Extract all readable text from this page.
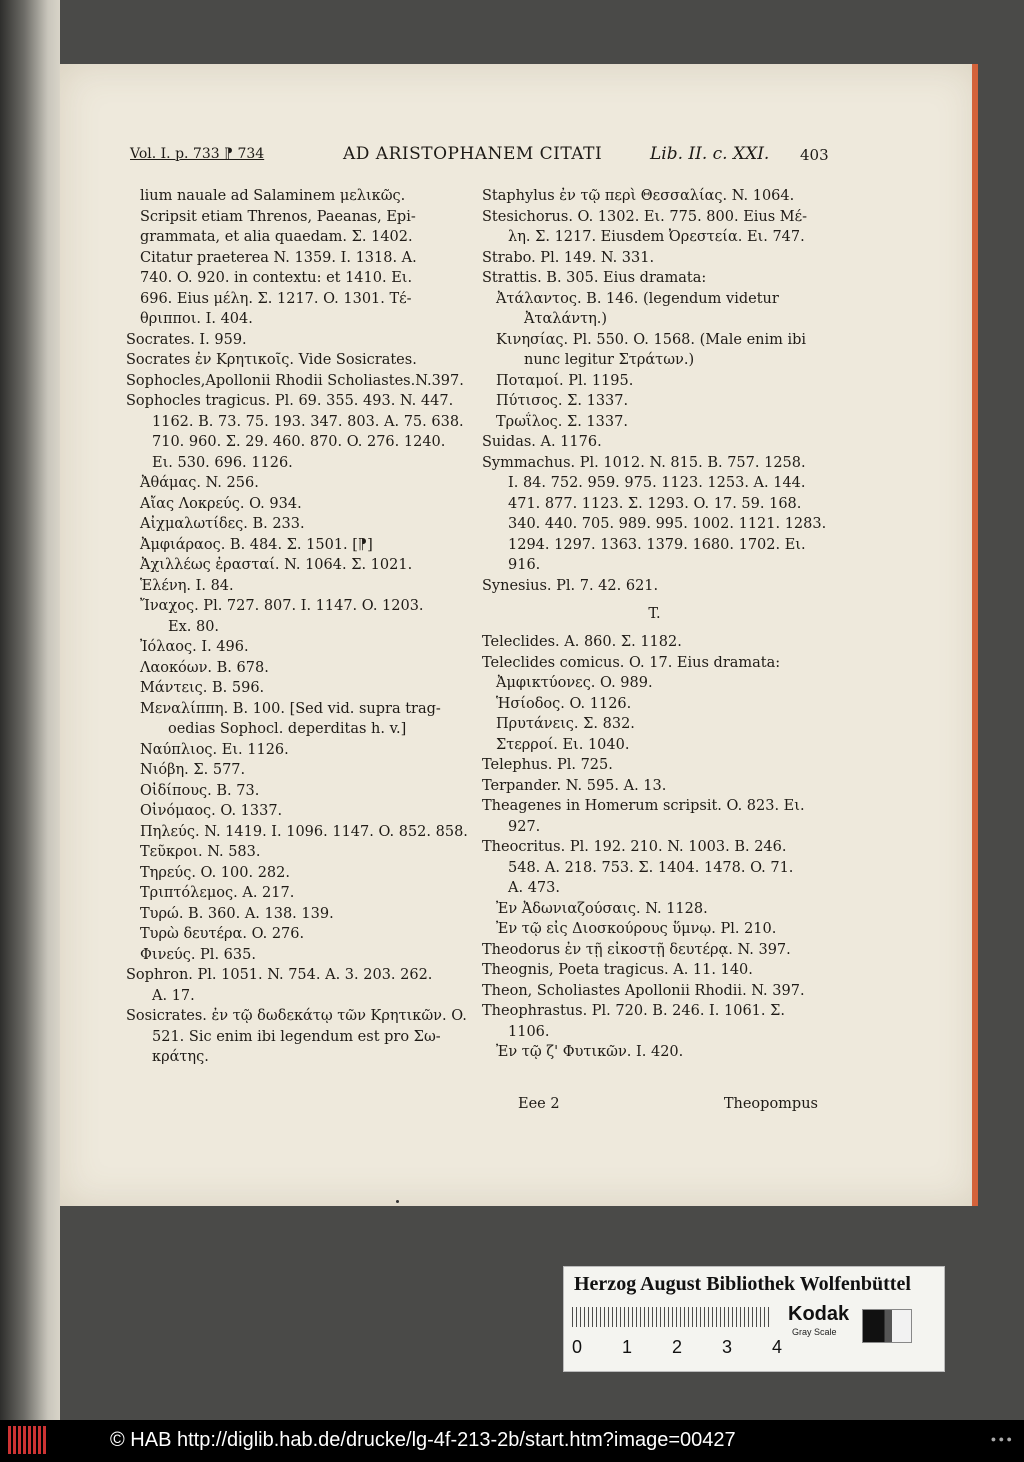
Vol. I. p. 733 ⁋ 734	AD ARISTOPHANEM CITATI	Lib. II. c. XXI. 403
lium nauale ad Salaminem μελικῶς.
Scripsit etiam Threnos, Paeanas, Epi-
grammata, et alia quaedam. Σ. 1402.
Citatur praeterea N. 1359. I. 1318. A.
740. O. 920. in contextu: et 1410. Ει.
696. Eius μέλη. Σ. 1217. O. 1301. Τέ-
θριπποι. I. 404.
Socrates. I. 959.
Socrates ἐν Κρητικοῖς. Vide Sosicrates.
Sophocles,Apollonii Rhodii Scholiastes.N.397.
Sophocles tragicus. Pl. 69. 355. 493. N. 447.
1162. B. 73. 75. 193. 347. 803. A. 75. 638.
710. 960. Σ. 29. 460. 870. O. 276. 1240.
Ει. 530. 696. 1126.
Ἀθάμας. N. 256.
Αἴας Λοκρεύς. O. 934.
Αἰχμαλωτίδες. B. 233.
Ἀμφιάραος. B. 484. Σ. 1501. [⁋]
Ἀχιλλέως ἐρασταί. N. 1064. Σ. 1021.
Ἑλένη. I. 84.
Ἴναχος. Pl. 727. 807. I. 1147. O. 1203.
Ex. 80.
Ἰόλαος. I. 496.
Λαοκόων. B. 678.
Μάντεις. B. 596.
Μεναλίππη. B. 100. [Sed vid. supra trag-
oedias Sophocl. deperditas h. v.]
Ναύπλιος. Ει. 1126.
Νιόβη. Σ. 577.
Οἰδίπους. B. 73.
Οἰνόμαος. O. 1337.
Πηλεύς. N. 1419. I. 1096. 1147. O. 852. 858.
Τεῦκροι. N. 583.
Τηρεύς. O. 100. 282.
Τριπτόλεμος. A. 217.
Τυρώ. B. 360. A. 138. 139.
Τυρὼ δευτέρα. O. 276.
Φινεύς. Pl. 635.
Sophron. Pl. 1051. N. 754. A. 3. 203. 262.
A. 17.
Sosicrates. ἐν τῷ δωδεκάτῳ τῶν Κρητικῶν. O.
521. Sic enim ibi legendum est pro Σω-
κράτης.
Staphylus ἐν τῷ περὶ Θεσσαλίας. N. 1064.
Stesichorus. O. 1302. Ει. 775. 800. Eius Μέ-
λη. Σ. 1217. Eiusdem Ὀρεστεία. Ει. 747.
Strabo. Pl. 149. N. 331.
Strattis. B. 305. Eius dramata:
Ἀτάλαντος. B. 146. (legendum videtur
Ἀταλάντη.)
Κινησίας. Pl. 550. O. 1568. (Male enim ibi
nunc legitur Στράτων.)
Ποταμοί. Pl. 1195.
Πύτισος. Σ. 1337.
Τρωΐλος. Σ. 1337.
Suidas. A. 1176.
Symmachus. Pl. 1012. N. 815. B. 757. 1258.
I. 84. 752. 959. 975. 1123. 1253. A. 144.
471. 877. 1123. Σ. 1293. O. 17. 59. 168.
340. 440. 705. 989. 995. 1002. 1121. 1283.
1294. 1297. 1363. 1379. 1680. 1702. Ει.
916.
Synesius. Pl. 7. 42. 621.
T.
Teleclides. A. 860. Σ. 1182.
Teleclides comicus. O. 17. Eius dramata:
Ἀμφικτύονες. O. 989.
Ἡσίοδος. O. 1126.
Πρυτάνεις. Σ. 832.
Στερροί. Ει. 1040.
Telephus. Pl. 725.
Terpander. N. 595. A. 13.
Theagenes in Homerum scripsit. O. 823. Ει.
927.
Theocritus. Pl. 192. 210. N. 1003. B. 246.
548. A. 218. 753. Σ. 1404. 1478. O. 71.
A. 473.
Ἐν Ἀδωνιαζούσαις. N. 1128.
Ἐν τῷ εἰς Διοσκούρους ὕμνῳ. Pl. 210.
Theodorus ἐν τῇ εἰκοστῇ δευτέρᾳ. N. 397.
Theognis, Poeta tragicus. A. 11. 140.
Theon, Scholiastes Apollonii Rhodii. N. 397.
Theophrastus. Pl. 720. B. 246. I. 1061. Σ.
1106.
Ἐν τῷ ζ' Φυτικῶν. I. 420.
Eee 2	Theopompus
Herzog August Bibliothek Wolfenbüttel
0 1 2 3 4
Kodak
Gray Scale
© HAB http://diglib.hab.de/drucke/lg-4f-213-2b/start.htm?image=00427	● ● ●
